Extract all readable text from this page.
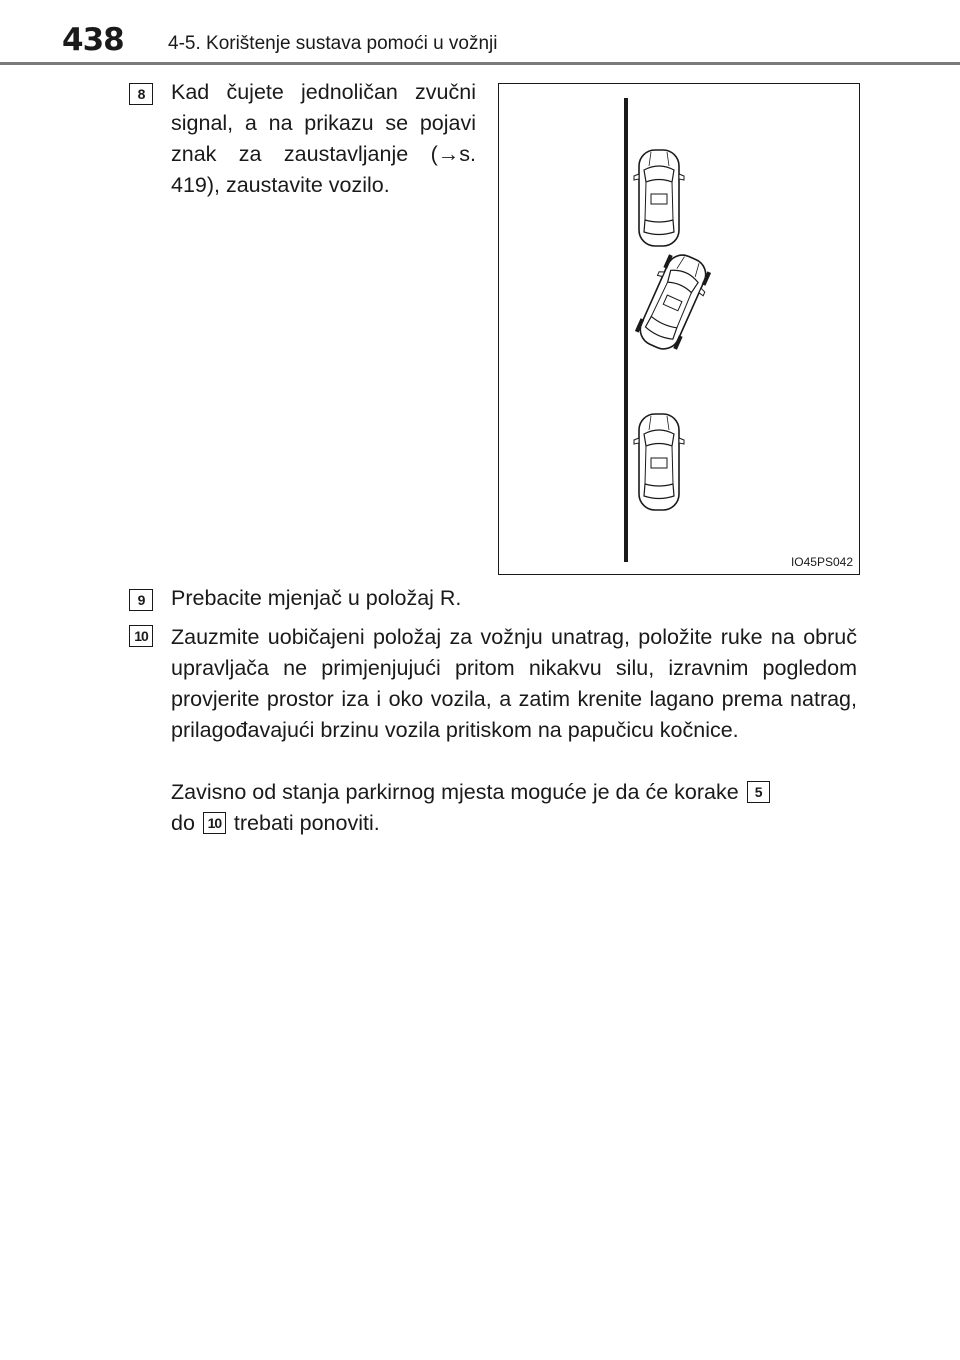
438 4-5. Korištenje sustava pomoći u vožnji
8	Kad čujete jednoličan zvučni signal, a na prikazu se pojavi znak za zaustavljanje (→s. 419), zaustavite vozilo.

IO45PS042
9	Prebacite mjenjač u položaj R.

10 Zauzmite uobičajeni položaj za vožnju unatrag, položite ruke na obruč upravljača ne primjenjujući pritom nikakvu silu, izravnim pogledom provjerite prostor iza i oko vozila, a zatim krenite lagano prema natrag, prilagođavajući brzinu vozila pritiskom na papučicu kočnice.

Zavisno od stanja parkirnog mjesta moguće je da će korake 5
do 10 trebati ponoviti.
